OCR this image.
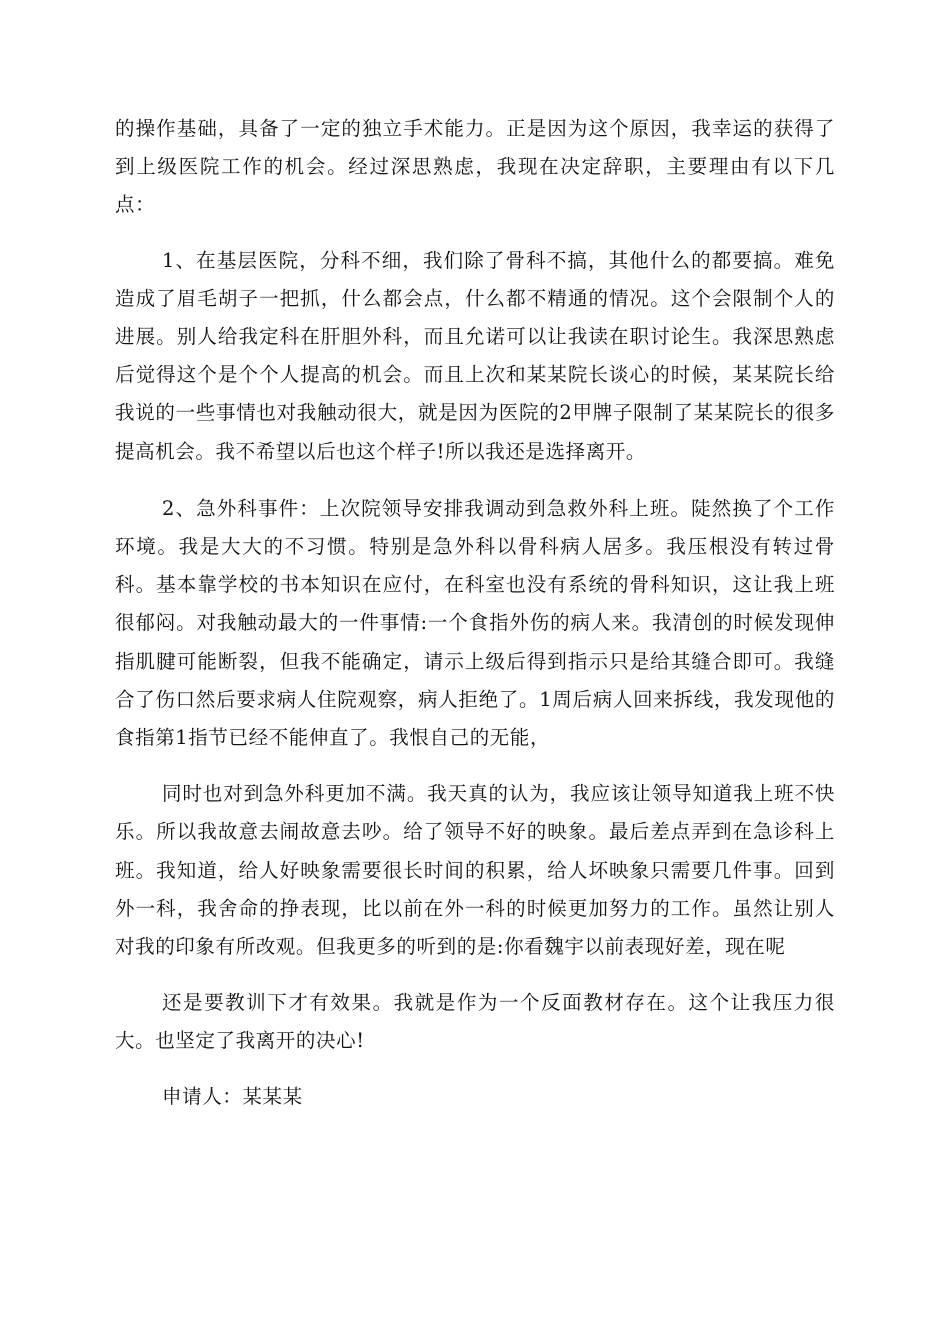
的操作基础，具备了一定的独立手术能力。正是因为这个原因，我幸运的获得了到上级医院工作的机会。经过深思熟虑，我现在决定辞职，主要理由有以下几点：

1、在基层医院，分科不细，我们除了骨科不搞，其他什么的都要搞。难免造成了眉毛胡子一把抓，什么都会点，什么都不精通的情况。这个会限制个人的进展。别人给我定科在肝胆外科，而且允诺可以让我读在职讨论生。我深思熟虑后觉得这个是个个人提高的机会。而且上次和某某院长谈心的时候，某某院长给我说的一些事情也对我触动很大，就是因为医院的2甲牌子限制了某某院长的很多提高机会。我不希望以后也这个样子!所以我还是选择离开。

2、急外科事件：上次院领导安排我调动到急救外科上班。陡然换了个工作环境。我是大大的不习惯。特别是急外科以骨科病人居多。我压根没有转过骨科。基本靠学校的书本知识在应付，在科室也没有系统的骨科知识，这让我上班很郁闷。对我触动最大的一件事情:一个食指外伤的病人来。我清创的时候发现伸指肌腱可能断裂，但我不能确定，请示上级后得到指示只是给其缝合即可。我缝合了伤口然后要求病人住院观察，病人拒绝了。1周后病人回来拆线，我发现他的食指第1指节已经不能伸直了。我恨自己的无能，

同时也对到急外科更加不满。我天真的认为，我应该让领导知道我上班不快乐。所以我故意去闹故意去吵。给了领导不好的映象。最后差点弄到在急诊科上班。我知道，给人好映象需要很长时间的积累，给人坏映象只需要几件事。回到外一科，我舍命的挣表现，比以前在外一科的时候更加努力的工作。虽然让别人对我的印象有所改观。但我更多的听到的是:你看魏宇以前表现好差，现在呢

还是要教训下才有效果。我就是作为一个反面教材存在。这个让我压力很大。也坚定了我离开的决心!

申请人：某某某
